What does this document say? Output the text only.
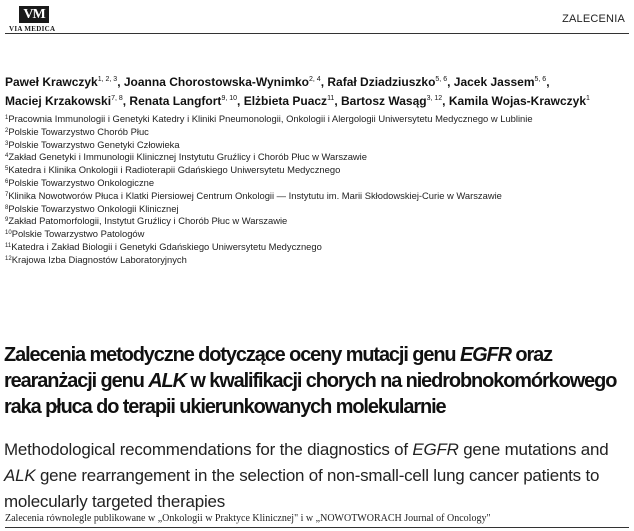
VM
VIA MEDICA
ZALECENIA
Paweł Krawczyk$^{1, 2, 3}$, Joanna Chorostowska-Wynimko$^{2, 4}$, Rafał Dziadziuszko$^{5, 6}$, Jacek Jassem$^{5, 6}$,
Maciej Krzakowski$^{7, 8}$, Renata Langfort$^{9, 10}$, Elżbieta Puacz$^{11}$, Bartosz Wasąg$^{3, 12}$, Kamila Wojas-Krawczyk$^1$
$^1$Pracownia Immunologii i Genetyki Katedry i Kliniki Pneumonologii, Onkologii i Alergologii Uniwersytetu Medycznego w Lublinie
$^2$Polskie Towarzystwo Chorób Płuc
$^3$Polskie Towarzystwo Genetyki Człowieka
$^4$Zakład Genetyki i Immunologii Klinicznej Instytutu Gruźlicy i Chorób Płuc w Warszawie
$^5$Katedra i Klinika Onkologii i Radioterapii Gdańskiego Uniwersytetu Medycznego
$^6$Polskie Towarzystwo Onkologiczne
$^7$Klinika Nowotworów Płuca i Klatki Piersiowej Centrum Onkologii — Instytutu im. Marii Skłodowskiej-Curie w Warszawie
$^8$Polskie Towarzystwo Onkologii Klinicznej
$^9$Zakład Patomorfologii, Instytut Gruźlicy i Chorób Płuc w Warszawie
$^{10}$Polskie Towarzystwo Patologów
$^{11}$Katedra i Zakład Biologii i Genetyki Gdańskiego Uniwersytetu Medycznego
$^{12}$Krajowa Izba Diagnostów Laboratoryjnych
Zalecenia metodyczne dotyczące oceny mutacji genu EGFR oraz
rearanżacji genu ALK w kwalifikacji chorych na niedrobnokomórkowego
raka płuca do terapii ukierunkowanych molekularnie
Methodological recommendations for the diagnostics of EGFR gene mutations and
ALK gene rearrangement in the selection of non-small-cell lung cancer patients to
molecularly targeted therapies
Zalecenia równolegle publikowane w „Onkologii w Praktyce Klinicznej" i w „NOWOTWORACH Journal of Oncology"
